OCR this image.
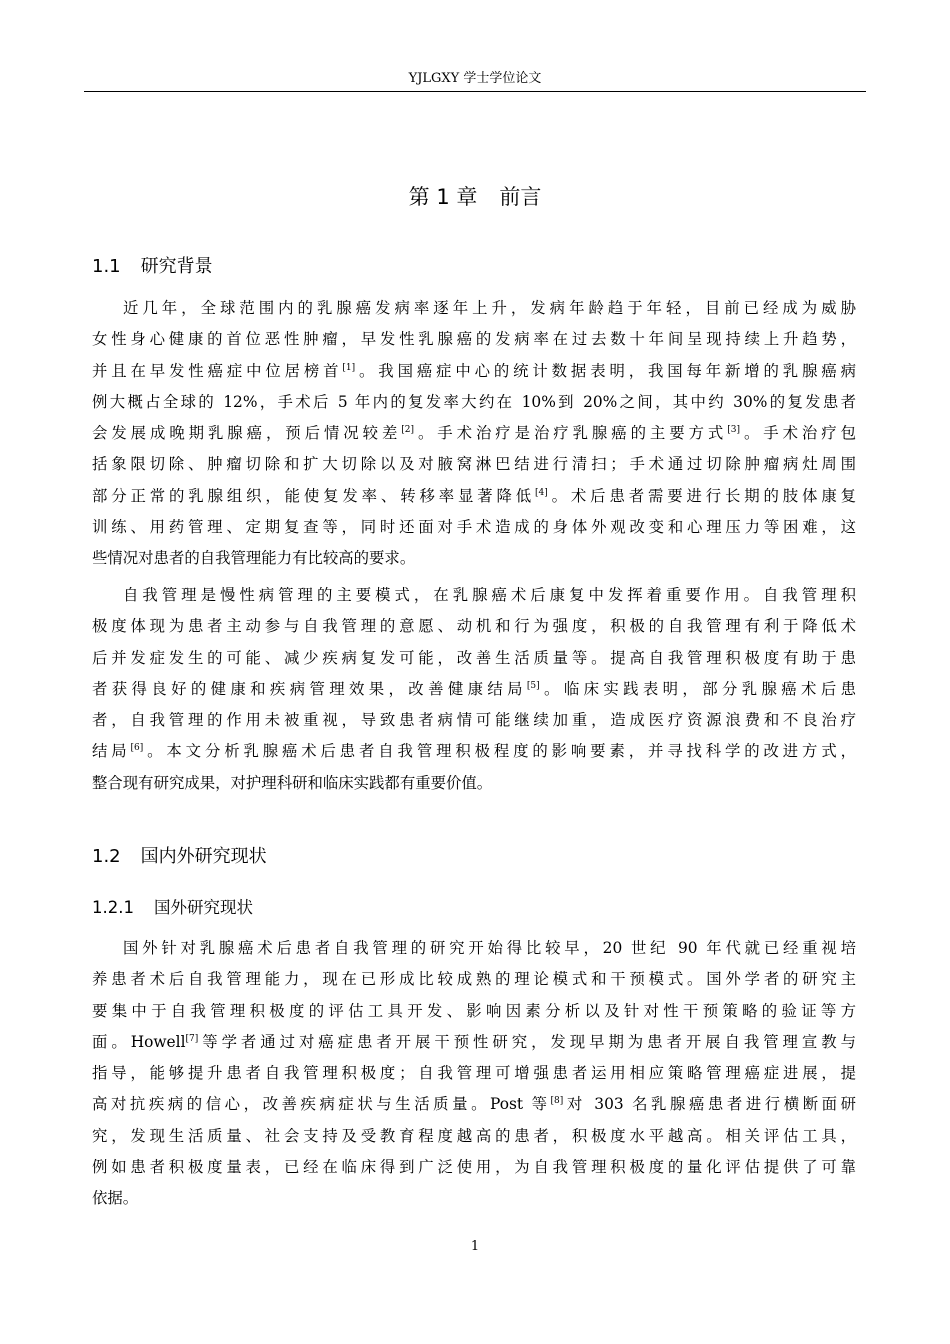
YJLGXY 学士学位论文
第 1 章 前言
1.1 研究背景
近几年，全球范围内的乳腺癌发病率逐年上升，发病年龄趋于年轻，目前已经成为威胁
女性身心健康的首位恶性肿瘤，早发性乳腺癌的发病率在过去数十年间呈现持续上升趋势，
并且在早发性癌症中位居榜首[1]。我国癌症中心的统计数据表明，我国每年新增的乳腺癌病
例大概占全球的 12%，手术后 5 年内的复发率大约在 10%到 20%之间，其中约 30%的复发患者
会发展成晚期乳腺癌，预后情况较差[2]。手术治疗是治疗乳腺癌的主要方式[3]。手术治疗包
括象限切除、肿瘤切除和扩大切除以及对腋窝淋巴结进行清扫；手术通过切除肿瘤病灶周围
部分正常的乳腺组织，能使复发率、转移率显著降低[4]。术后患者需要进行长期的肢体康复
训练、用药管理、定期复查等，同时还面对手术造成的身体外观改变和心理压力等困难，这
些情况对患者的自我管理能力有比较高的要求。
自我管理是慢性病管理的主要模式，在乳腺癌术后康复中发挥着重要作用。自我管理积
极度体现为患者主动参与自我管理的意愿、动机和行为强度，积极的自我管理有利于降低术
后并发症发生的可能、减少疾病复发可能，改善生活质量等。提高自我管理积极度有助于患
者获得良好的健康和疾病管理效果，改善健康结局[5]。临床实践表明，部分乳腺癌术后患
者，自我管理的作用未被重视，导致患者病情可能继续加重，造成医疗资源浪费和不良治疗
结局[6]。本文分析乳腺癌术后患者自我管理积极程度的影响要素，并寻找科学的改进方式，
整合现有研究成果，对护理科研和临床实践都有重要价值。
1.2 国内外研究现状
1.2.1 国外研究现状
国外针对乳腺癌术后患者自我管理的研究开始得比较早，20 世纪 90 年代就已经重视培
养患者术后自我管理能力，现在已形成比较成熟的理论模式和干预模式。国外学者的研究主
要集中于自我管理积极度的评估工具开发、影响因素分析以及针对性干预策略的验证等方
面。Howell[7]等学者通过对癌症患者开展干预性研究，发现早期为患者开展自我管理宣教与
指导，能够提升患者自我管理积极度；自我管理可增强患者运用相应策略管理癌症进展，提
高对抗疾病的信心，改善疾病症状与生活质量。Post 等[8]对 303 名乳腺癌患者进行横断面研
究，发现生活质量、社会支持及受教育程度越高的患者，积极度水平越高。相关评估工具，
例如患者积极度量表，已经在临床得到广泛使用，为自我管理积极度的量化评估提供了可靠
依据。
1
